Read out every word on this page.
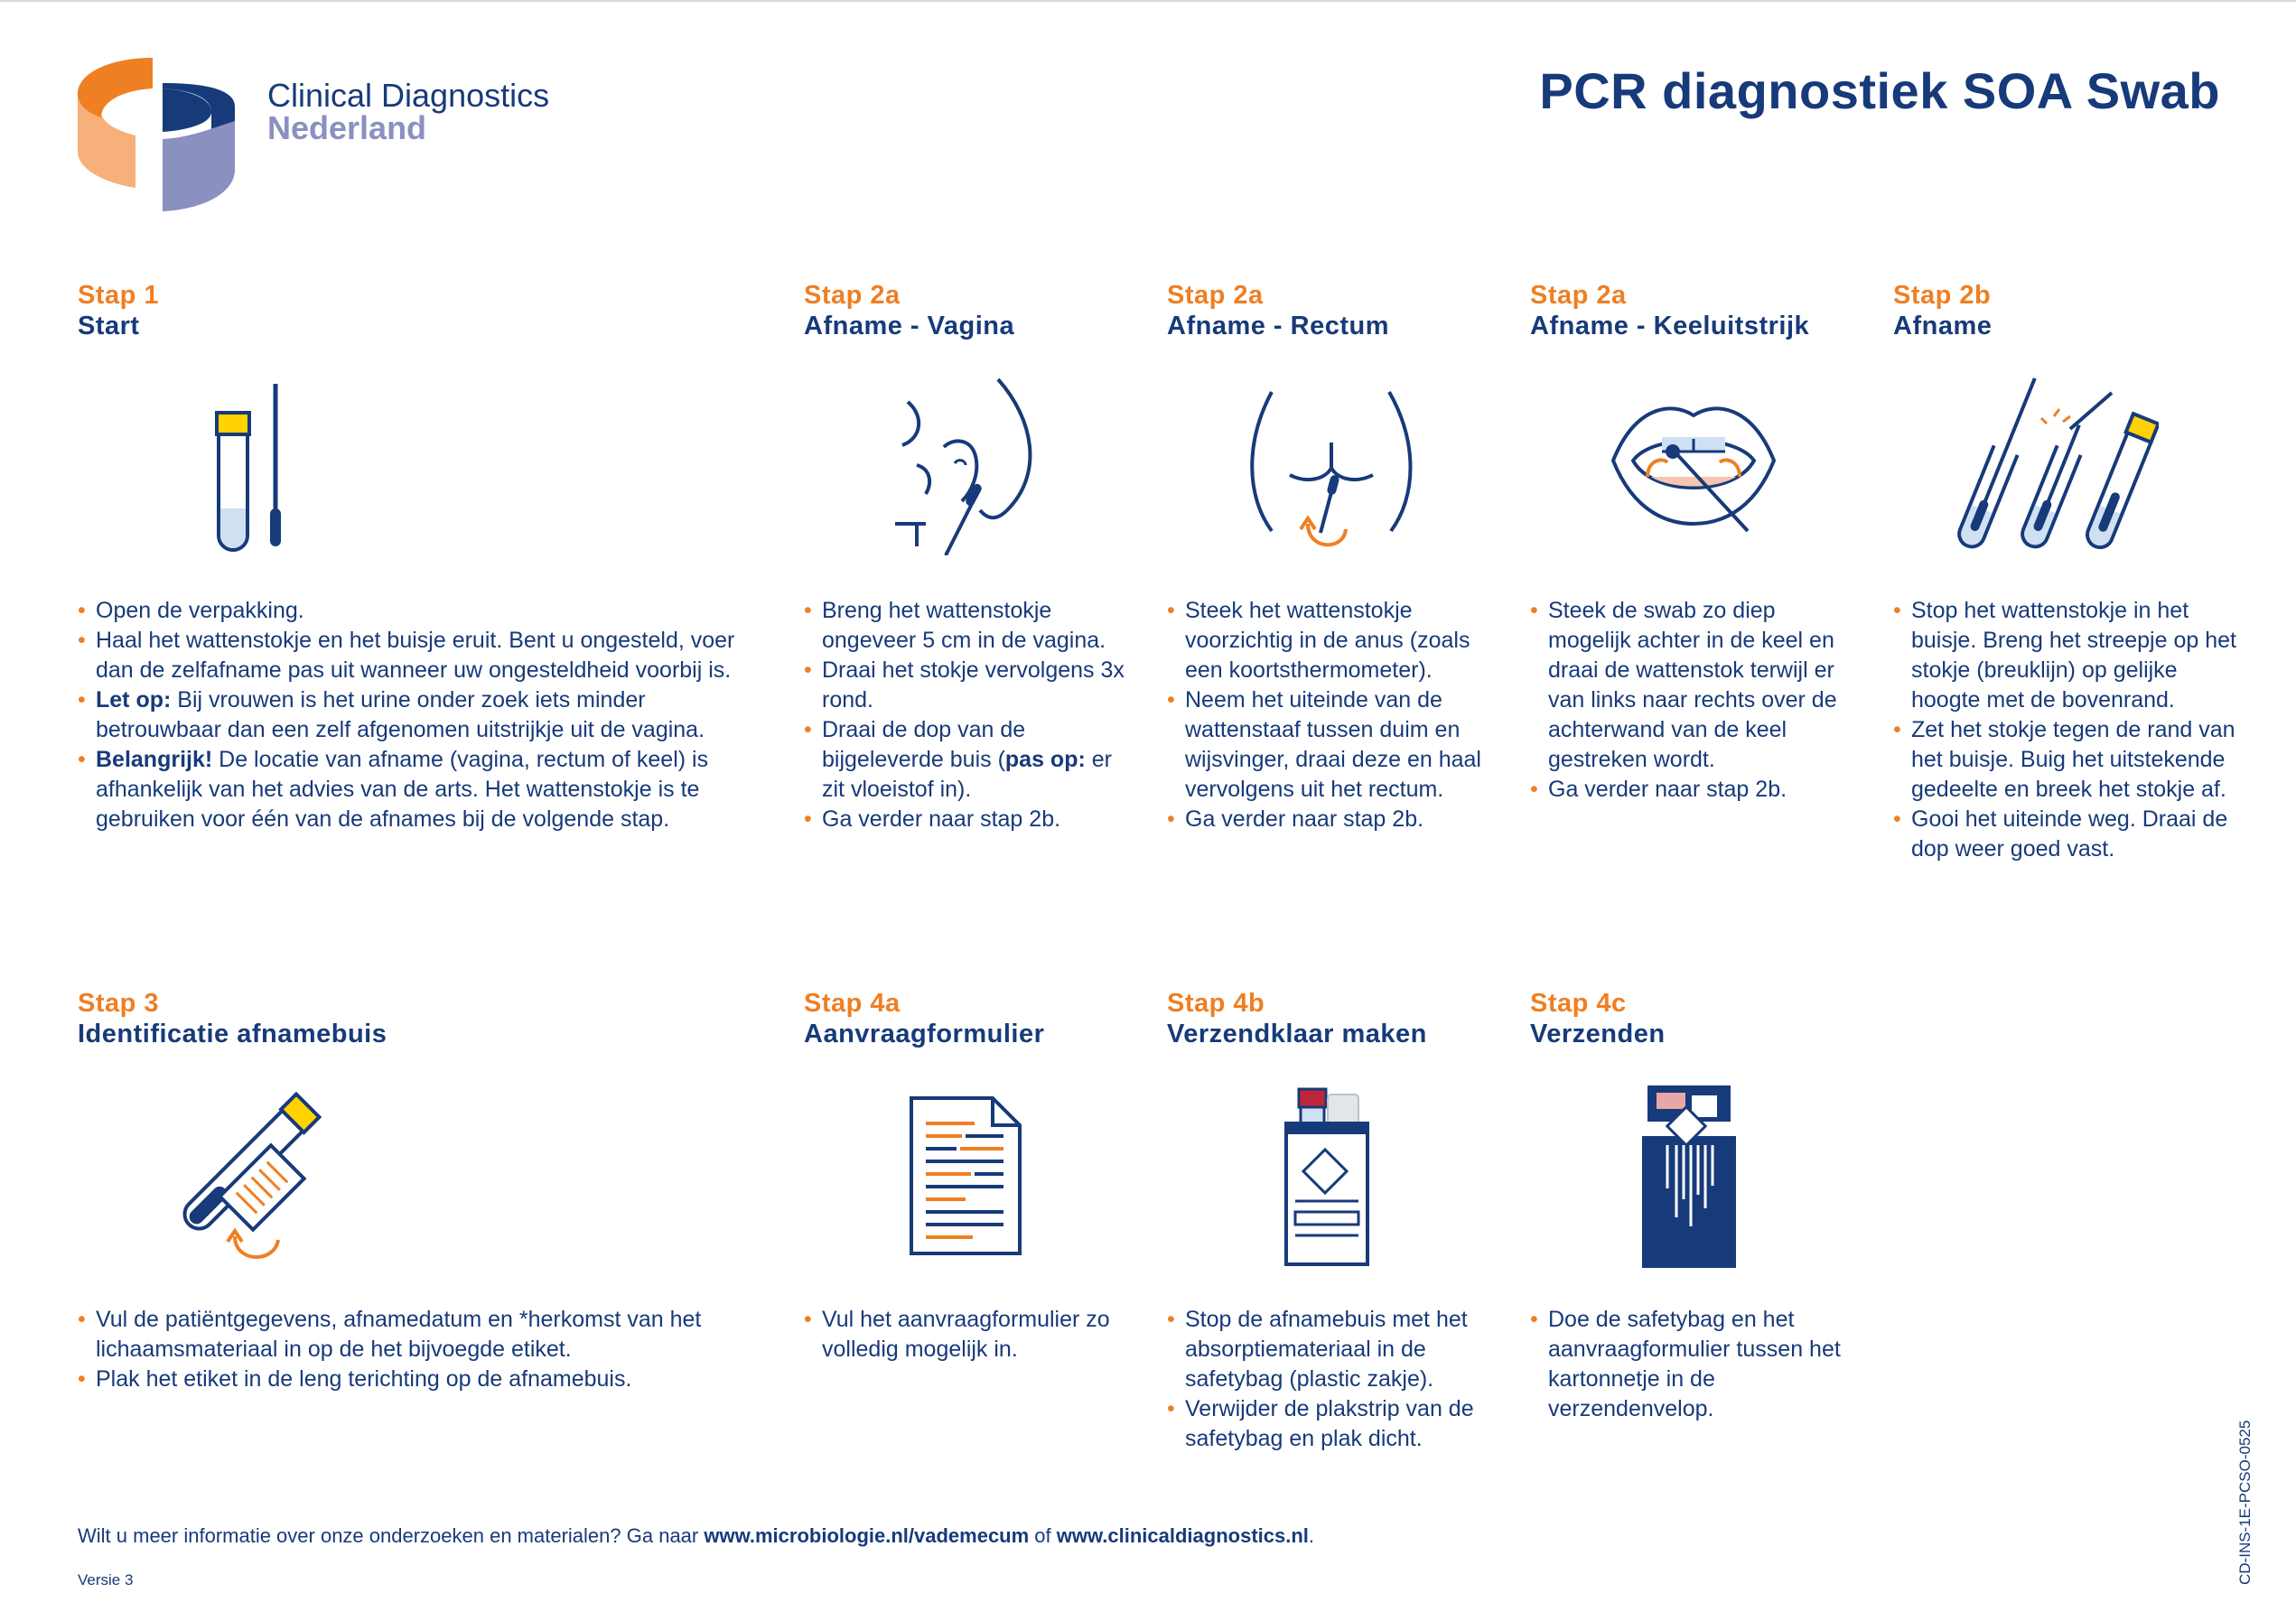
Clinical Diagnostics
Nederland
PCR diagnostiek SOA Swab
Stap 1
Start
• Open de verpakking.
• Haal het wattenstokje en het buisje eruit. Bent u ongesteld, voer dan de zelfafname pas uit wanneer uw ongesteldheid voorbij is.
• Let op: Bij vrouwen is het urine onder zoek iets minder betrouwbaar dan een zelf afgenomen uitstrijkje uit de vagina.
• Belangrijk! De locatie van afname (vagina, rectum of keel) is afhankelijk van het advies van de arts. Het wattenstokje is te gebruiken voor één van de afnames bij de volgende stap.
Stap 2a
Afname - Vagina
• Breng het wattenstokje ongeveer 5 cm in de vagina.
• Draai het stokje vervolgens 3x rond.
• Draai de dop van de bijgeleverde buis (pas op: er zit vloeistof in).
• Ga verder naar stap 2b.
Stap 2a
Afname - Rectum
• Steek het wattenstokje voorzichtig in de anus (zoals een koortsthermometer).
• Neem het uiteinde van de wattenstaaf tussen duim en wijsvinger, draai deze en haal vervolgens uit het rectum.
• Ga verder naar stap 2b.
Stap 2a
Afname - Keeluitstrijk
• Steek de swab zo diep mogelijk achter in de keel en draai de wattenstok terwijl er van links naar rechts over de achterwand van de keel gestreken wordt.
• Ga verder naar stap 2b.
Stap 2b
Afname
• Stop het wattenstokje in het buisje. Breng het streepje op het stokje (breuklijn) op gelijke hoogte met de bovenrand.
• Zet het stokje tegen de rand van het buisje. Buig het uitstekende gedeelte en breek het stokje af.
• Gooi het uiteinde weg. Draai de dop weer goed vast.
Stap 3
Identificatie afnamebuis
• Vul de patiëntgegevens, afnamedatum en *herkomst van het lichaamsmateriaal in op de het bijvoegde etiket.
• Plak het etiket in de leng terichting op de afnamebuis.
Stap 4a
Aanvraagformulier
• Vul het aanvraagformulier zo volledig mogelijk in.
Stap 4b
Verzendklaar maken
• Stop de afnamebuis met het absorptiemateriaal in de safetybag (plastic zakje).
• Verwijder de plakstrip van de safetybag en plak dicht.
Stap 4c
Verzenden
• Doe de safetybag en het aanvraagformulier tussen het kartonnetje in de verzendenvelop.
Wilt u meer informatie over onze onderzoeken en materialen? Ga naar www.microbiologie.nl/vademecum of www.clinicaldiagnostics.nl.
Versie 3	CD-INS-1E-PCSO-0525
